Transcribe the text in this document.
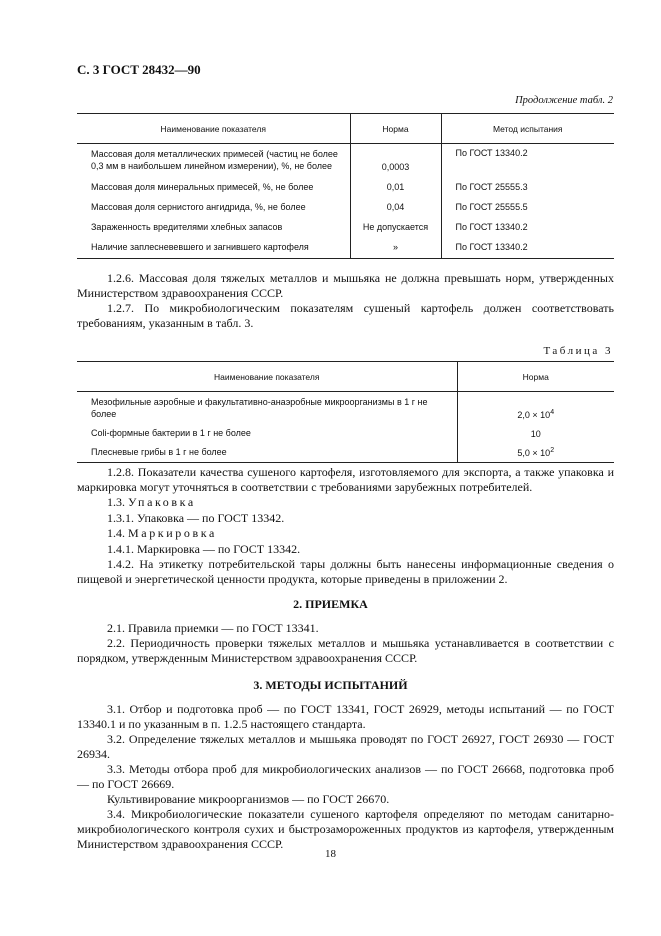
С. 3 ГОСТ 28432—90
Продолжение табл. 2
Наименование показателя	Норма	Метод испытания
Массовая доля металлических примесей (частиц не более 0,3 мм в наибольшем линейном измерении), %, не более	0,0003	По ГОСТ 13340.2
Массовая доля минеральных примесей, %, не более	0,01	По ГОСТ 25555.3
Массовая доля сернистого ангидрида, %, не более	0,04	По ГОСТ 25555.5
Зараженность вредителями хлебных запасов	Не допускается	По ГОСТ 13340.2
Наличие заплесневевшего и загнившего картофеля	»	По ГОСТ 13340.2
1.2.6. Массовая доля тяжелых металлов и мышьяка не должна превышать норм, утвержденных Министерством здравоохранения СССР.
1.2.7. По микробиологическим показателям сушеный картофель должен соответствовать требованиям, указанным в табл. 3.
Таблица 3
Наименование показателя	Норма
Мезофильные аэробные и факультативно-анаэробные микроорганизмы в 1 г не более	$2,0 \times 10^4$
Coli-формные бактерии в 1 г не более	10
Плесневые грибы в 1 г не более	$5,0 \times 10^2$
1.2.8. Показатели качества сушеного картофеля, изготовляемого для экспорта, а также упаковка и маркировка могут уточняться в соответствии с требованиями зарубежных потребителей.
1.3. Упаковка
1.3.1. Упаковка — по ГОСТ 13342.
1.4. Маркировка
1.4.1. Маркировка — по ГОСТ 13342.
1.4.2. На этикетку потребительской тары должны быть нанесены информационные сведения о пищевой и энергетической ценности продукта, которые приведены в приложении 2.
2. ПРИЕМКА
2.1. Правила приемки — по ГОСТ 13341.
2.2. Периодичность проверки тяжелых металлов и мышьяка устанавливается в соответствии с порядком, утвержденным Министерством здравоохранения СССР.
3. МЕТОДЫ ИСПЫТАНИЙ
3.1. Отбор и подготовка проб — по ГОСТ 13341, ГОСТ 26929, методы испытаний — по ГОСТ 13340.1 и по указанным в п. 1.2.5 настоящего стандарта.
3.2. Определение тяжелых металлов и мышьяка проводят по ГОСТ 26927, ГОСТ 26930 — ГОСТ 26934.
3.3. Методы отбора проб для микробиологических анализов — по ГОСТ 26668, подготовка проб — по ГОСТ 26669.
Культивирование микроорганизмов — по ГОСТ 26670.
3.4. Микробиологические показатели сушеного картофеля определяют по методам санитарно-микробиологического контроля сухих и быстрозамороженных продуктов из картофеля, утвержденным Министерством здравоохранения СССР.
18
